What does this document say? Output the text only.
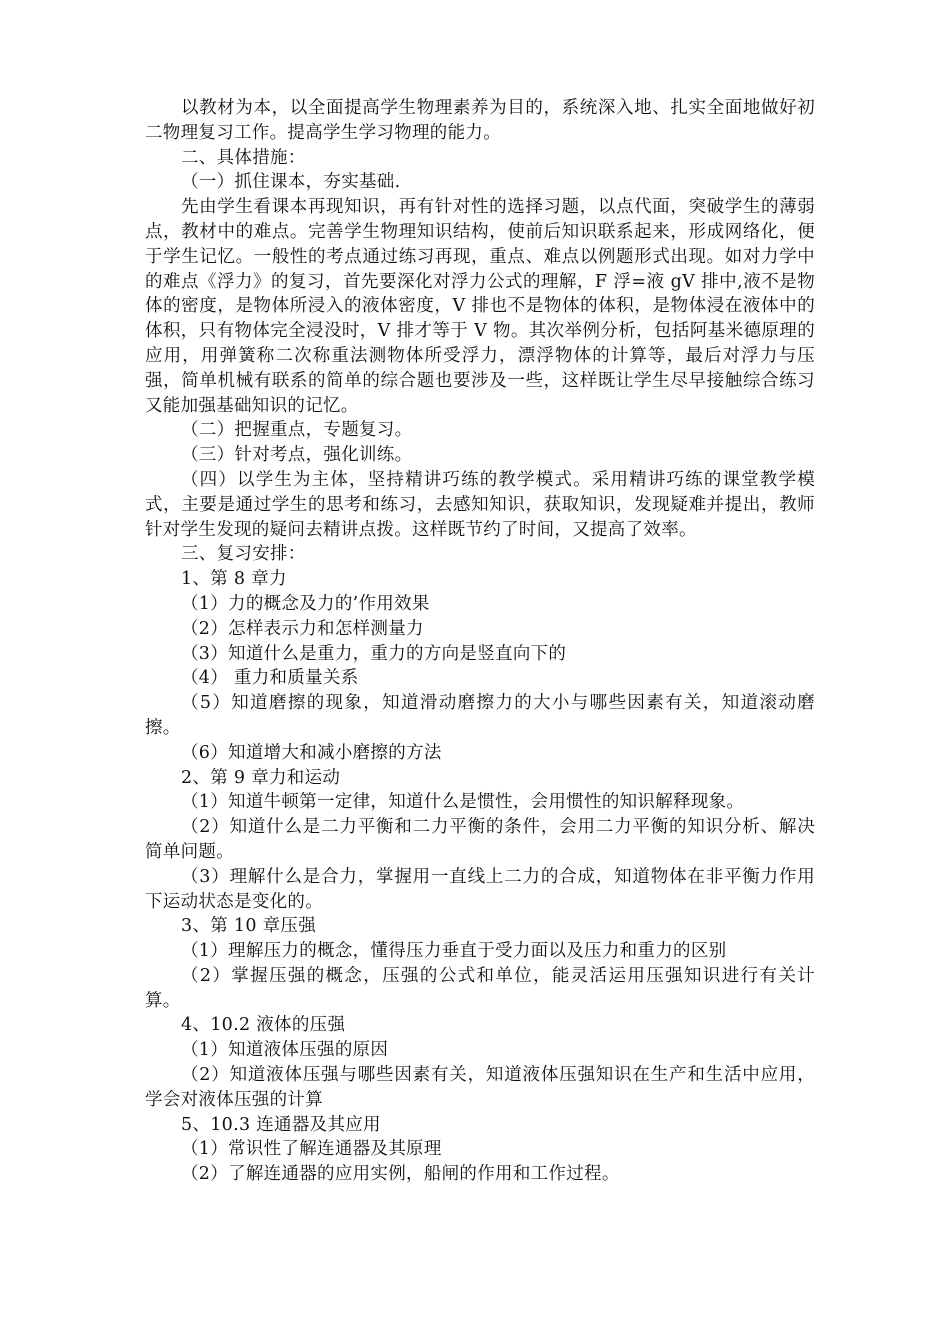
以教材为本，以全面提高学生物理素养为目的，系统深入地、扎实全面地做好初二物理复习工作。提高学生学习物理的能力。

二、具体措施：

（一）抓住课本，夯实基础.

先由学生看课本再现知识，再有针对性的选择习题，以点代面，突破学生的薄弱点，教材中的难点。完善学生物理知识结构，使前后知识联系起来，形成网络化，便于学生记忆。一般性的考点通过练习再现，重点、难点以例题形式出现。如对力学中的难点《浮力》的复习，首先要深化对浮力公式的理解，F 浮=液 gV 排中,液不是物体的密度，是物体所浸入的液体密度，V 排也不是物体的体积，是物体浸在液体中的体积，只有物体完全浸没时，V 排才等于 V 物。其次举例分析，包括阿基米德原理的应用，用弹簧称二次称重法测物体所受浮力，漂浮物体的计算等，最后对浮力与压强，简单机械有联系的简单的综合题也要涉及一些，这样既让学生尽早接触综合练习又能加强基础知识的记忆。

（二）把握重点，专题复习。

（三）针对考点，强化训练。

（四）以学生为主体，坚持精讲巧练的教学模式。采用精讲巧练的课堂教学模式，主要是通过学生的思考和练习，去感知知识，获取知识，发现疑难并提出，教师针对学生发现的疑问去精讲点拨。这样既节约了时间，又提高了效率。

三、复习安排：

1、第 8 章力

（1）力的概念及力的’作用效果

（2）怎样表示力和怎样测量力

（3）知道什么是重力，重力的方向是竖直向下的

（4） 重力和质量关系

（5）知道磨擦的现象，知道滑动磨擦力的大小与哪些因素有关，知道滚动磨擦。

（6）知道增大和减小磨擦的方法

2、第 9 章力和运动

（1）知道牛顿第一定律，知道什么是惯性，会用惯性的知识解释现象。

（2）知道什么是二力平衡和二力平衡的条件，会用二力平衡的知识分析、解决简单问题。

（3）理解什么是合力，掌握用一直线上二力的合成，知道物体在非平衡力作用下运动状态是变化的。

3、第 10 章压强

（1）理解压力的概念，懂得压力垂直于受力面以及压力和重力的区别

（2）掌握压强的概念，压强的公式和单位，能灵活运用压强知识进行有关计算。

4、10.2 液体的压强

（1）知道液体压强的原因

（2）知道液体压强与哪些因素有关，知道液体压强知识在生产和生活中应用，学会对液体压强的计算

5、10.3 连通器及其应用

（1）常识性了解连通器及其原理

（2）了解连通器的应用实例，船闸的作用和工作过程。
